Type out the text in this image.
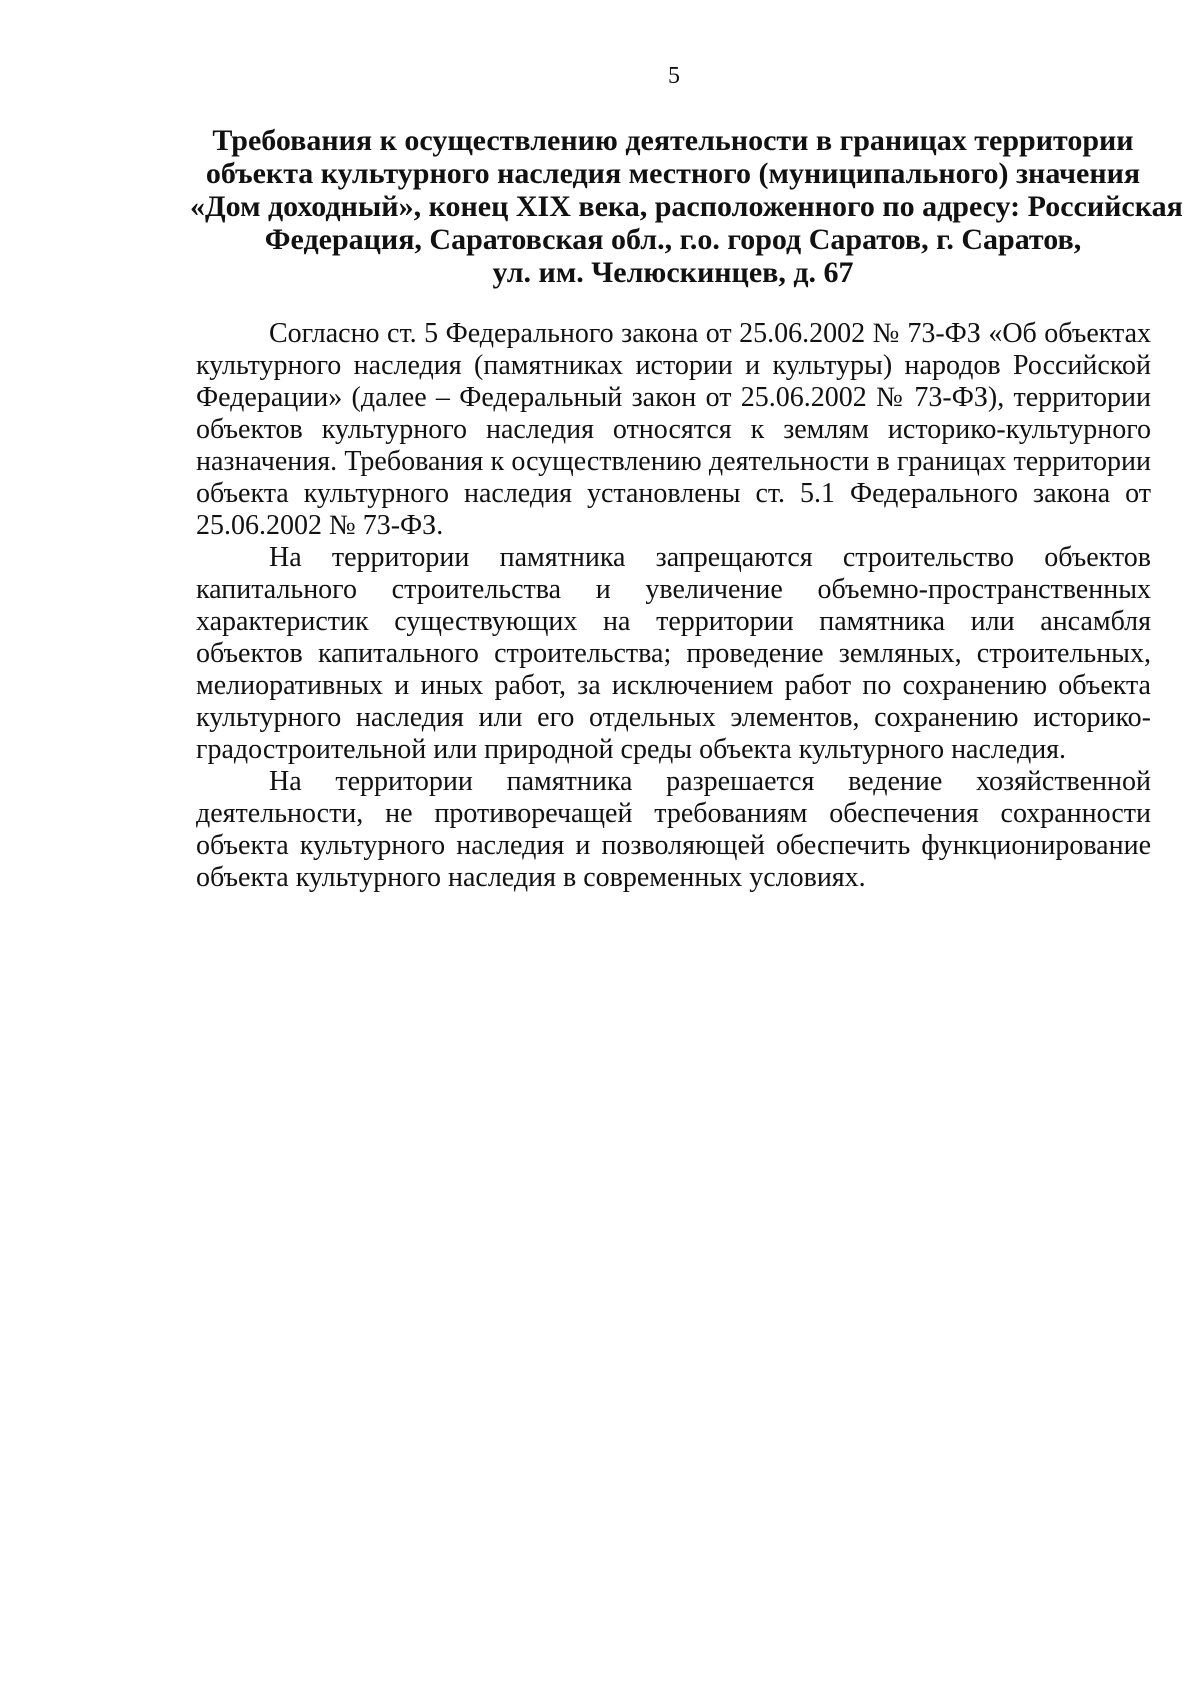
5
Требования к осуществлению деятельности в границах территории
объекта культурного наследия местного (муниципального) значения
«Дом доходный», конец XIX века, расположенного по адресу: Российская
Федерация, Саратовская обл., г.о. город Саратов, г. Саратов,
ул. им. Челюскинцев, д. 67

Согласно ст. 5 Федерального закона от 25.06.2002 № 73-ФЗ «Об объектах культурного наследия (памятниках истории и культуры) народов Российской Федерации» (далее – Федеральный закон от 25.06.2002 № 73-ФЗ), территории объектов культурного наследия относятся к землям историко-культурного назначения. Требования к осуществлению деятельности в границах территории объекта культурного наследия установлены ст. 5.1 Федерального закона от 25.06.2002 № 73-ФЗ.

На территории памятника запрещаются строительство объектов капитального строительства и увеличение объемно-пространственных характеристик существующих на территории памятника или ансамбля объектов капитального строительства; проведение земляных, строительных, мелиоративных и иных работ, за исключением работ по сохранению объекта культурного наследия или его отдельных элементов, сохранению историко-градостроительной или природной среды объекта культурного наследия.

На территории памятника разрешается ведение хозяйственной деятельности, не противоречащей требованиям обеспечения сохранности объекта культурного наследия и позволяющей обеспечить функционирование объекта культурного наследия в современных условиях.
